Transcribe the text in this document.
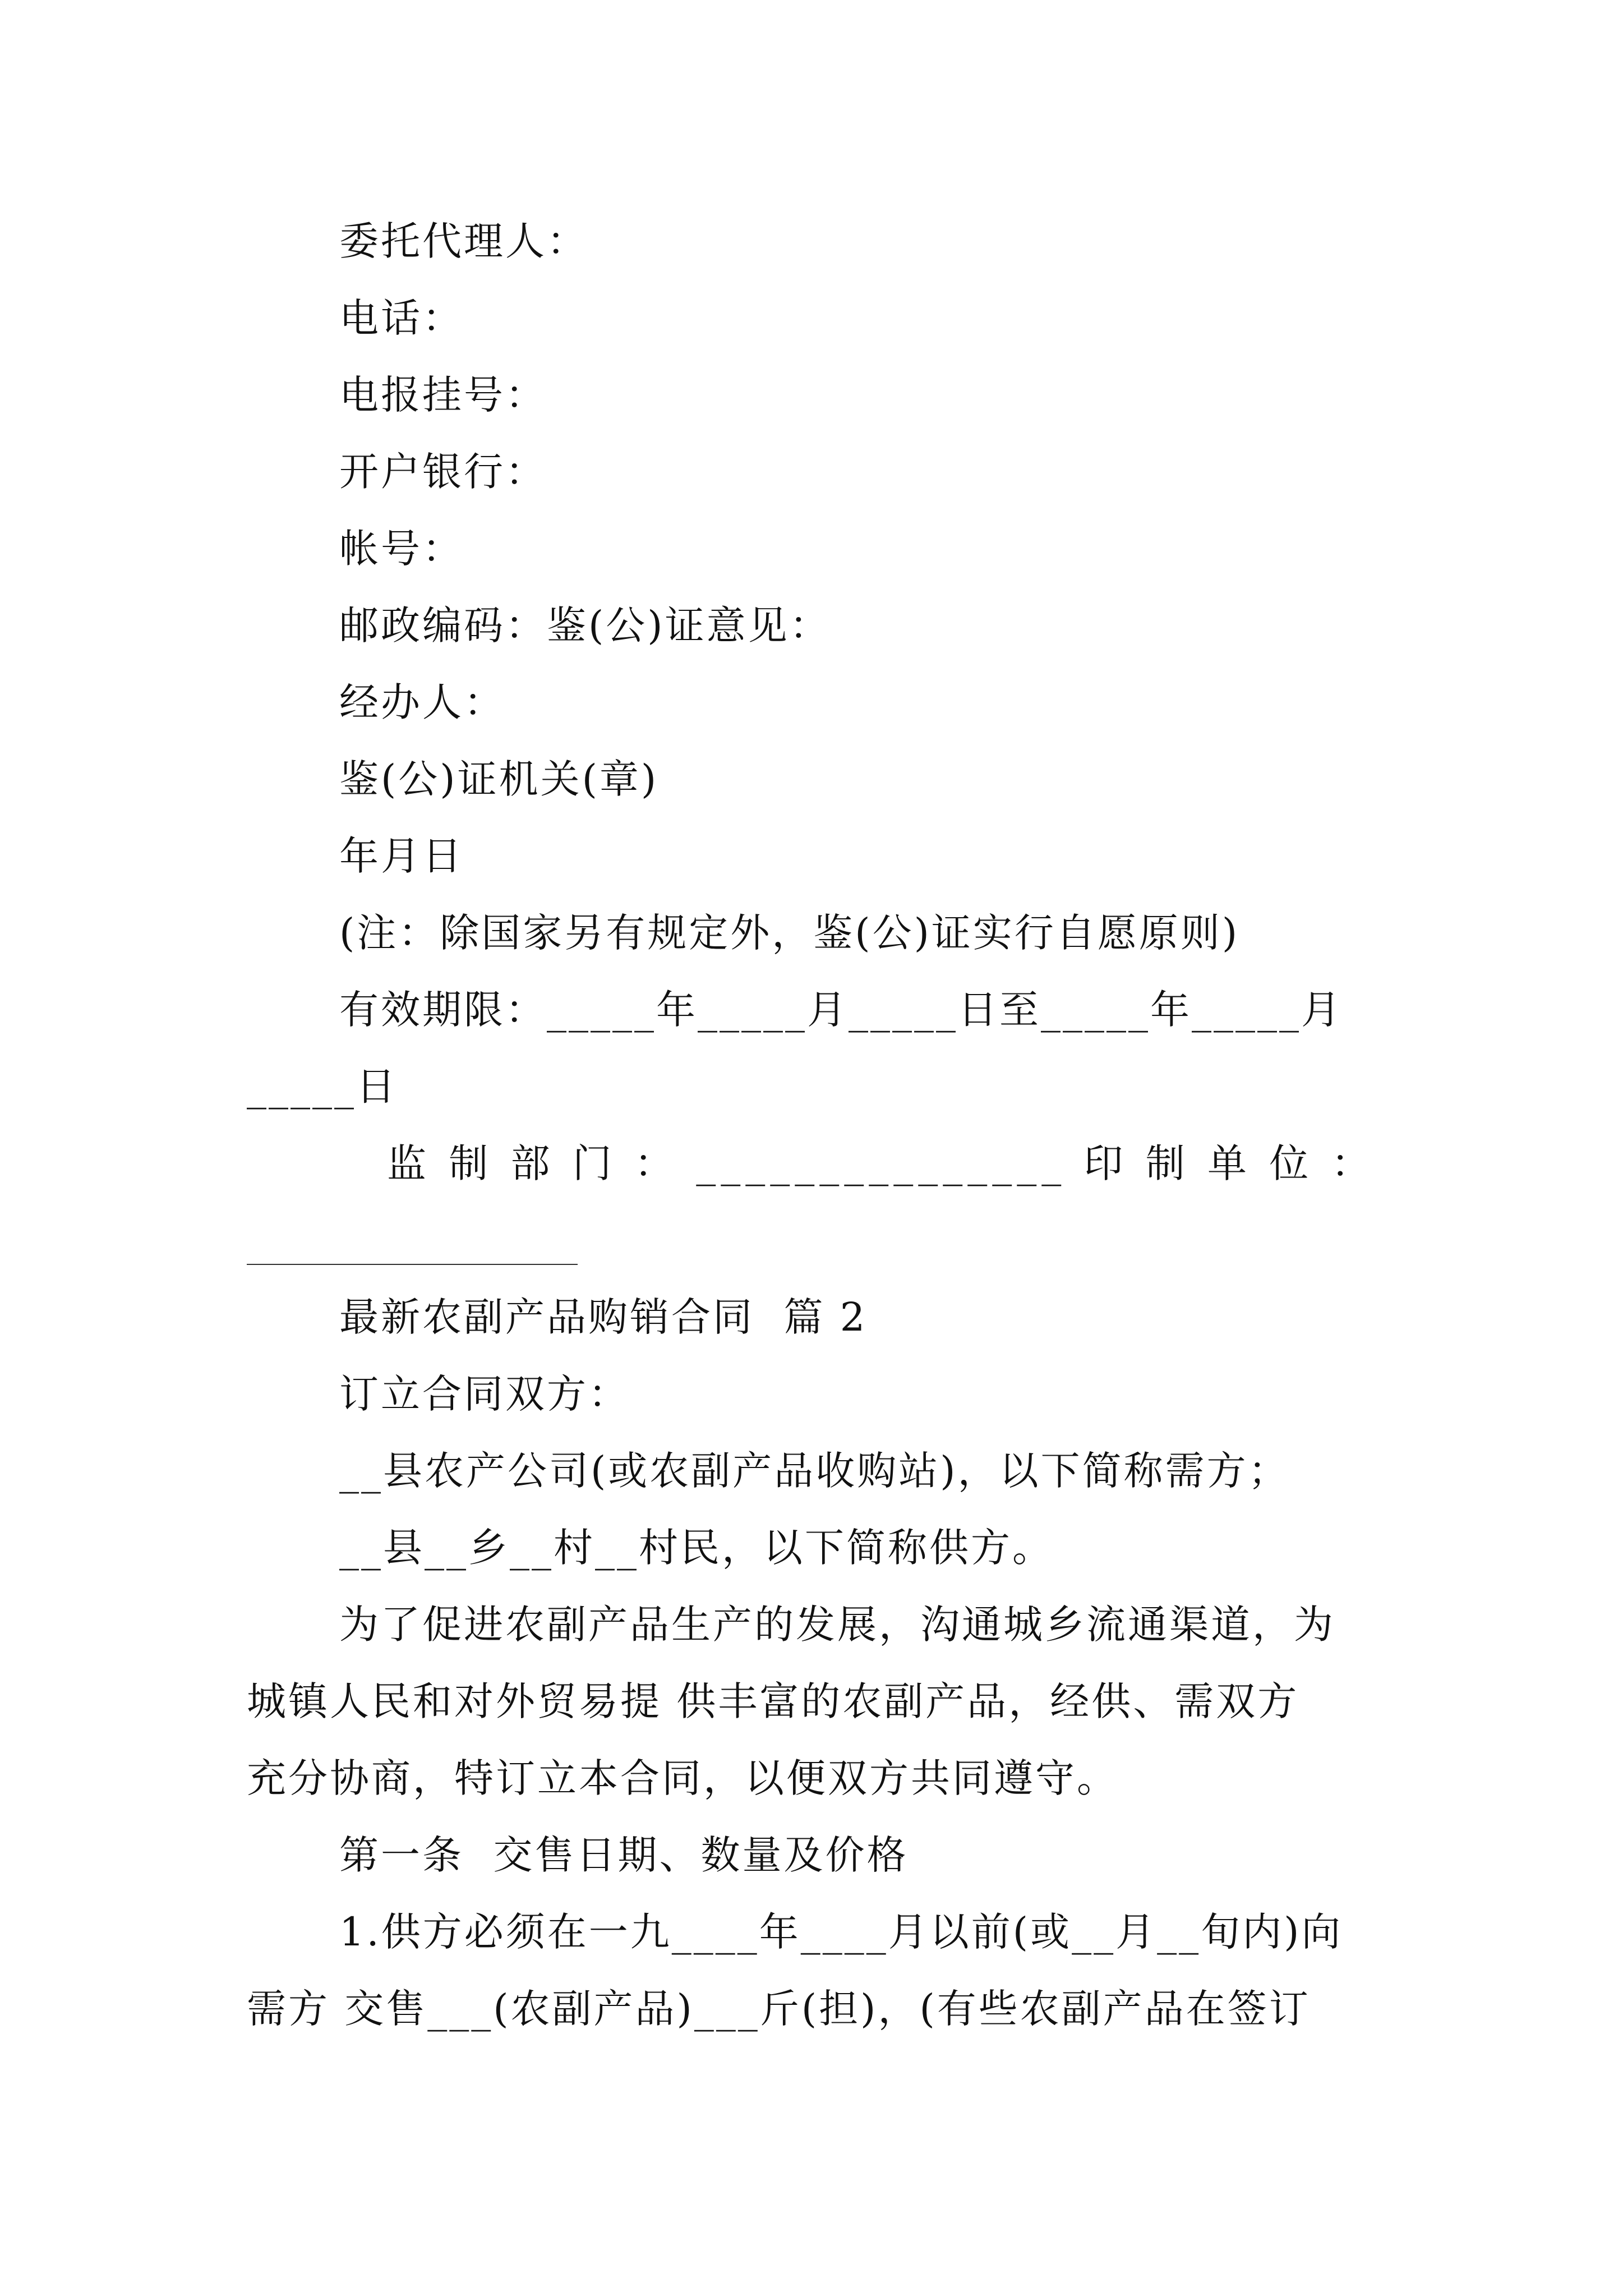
委托代理人：
电话：
电报挂号：
开户银行：
帐号：
邮政编码：鉴(公)证意见：
经办人：
鉴(公)证机关(章)
年月日
(注：除国家另有规定外，鉴(公)证实行自愿原则)
有效期限：_____年_____月_____日至_____年_____月
_____日
监 制 部 门 ： _______________ 印 制 单 位 ：
最新农副产品购销合同  篇 2
订立合同双方：
__县农产公司(或农副产品收购站)，以下简称需方；
__县__乡__村__村民，以下简称供方。
为了促进农副产品生产的发展，沟通城乡流通渠道，为
城镇人民和对外贸易提 供丰富的农副产品，经供、需双方
充分协商，特订立本合同，以便双方共同遵守。
第一条  交售日期、数量及价格
1.供方必须在一九____年____月以前(或__月__旬内)向
需方 交售___(农副产品)___斤(担)，(有些农副产品在签订
